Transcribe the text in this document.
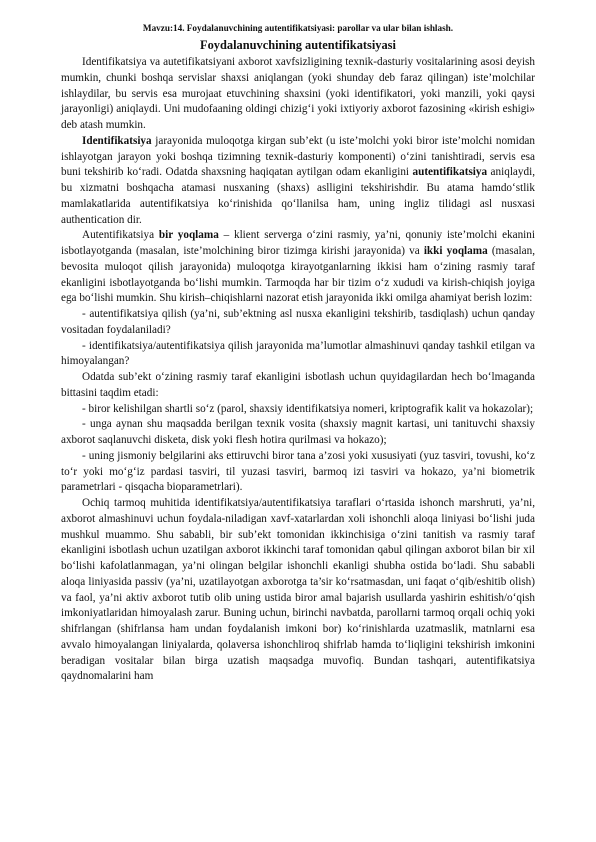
Mavzu:14. Foydalanuvchining autentifikatsiyasi: parollar va ular bilan ishlash.
Foydalanuvchining autentifikatsiyasi

Identifikatsiya va autetifikatsiyani axborot xavfsizligining texnik-dasturiy vositalarining asosi deyish mumkin, chunki boshqa servislar shaxsi aniqlangan (yoki shunday deb faraz qilingan) iste’molchilar ishlaydilar, bu servis esa murojaat etuvchining shaxsini (yoki identifikatori, yoki manzili, yoki qaysi jarayonligi) aniqlaydi. Uni mudofaaning oldingi chizig‘i yoki ixtiyoriy axborot fazosining «kirish eshigi» deb atash mumkin.

Identifikatsiya jarayonida muloqotga kirgan sub’ekt (u iste’molchi yoki biror iste’molchi nomidan ishlayotgan jarayon yoki boshqa tizimning texnik-dasturiy komponenti) o‘zini tanishtiradi, servis esa buni tekshirib ko‘radi. Odatda shaxsning haqiqatan aytilgan odam ekanligini autentifikatsiya aniqlaydi, bu xizmatni boshqacha atamasi nusxaning (shaxs) aslligini tekshirishdir. Bu atama hamdo‘stlik mamlakatlarida autentifikatsiya ko‘rinishida qo‘llanilsa ham, uning ingliz tilidagi asl nusxasi authentication dir.

Autentifikatsiya bir yoqlama – klient serverga o‘zini rasmiy, ya’ni, qonuniy iste’molchi ekanini isbotlayotganda (masalan, iste’molchining biror tizimga kirishi jarayonida) va ikki yoqlama (masalan, bevosita muloqot qilish jarayonida) muloqotga kirayotganlarning ikkisi ham o‘zining rasmiy taraf ekanligini isbotlayotganda bo‘lishi mumkin. Tarmoqda har bir tizim o‘z xududi va kirish-chiqish joyiga ega bo‘lishi mumkin. Shu kirish–chiqishlarni nazorat etish jarayonida ikki omilga ahamiyat berish lozim:

- autentifikatsiya qilish (ya’ni, sub’ektning asl nusxa ekanligini tekshirib, tasdiqlash) uchun qanday vositadan foydalaniladi?

- identifikatsiya/autentifikatsiya qilish jarayonida ma’lumotlar almashinuvi qanday tashkil etilgan va himoyalangan?

Odatda sub’ekt o‘zining rasmiy taraf ekanligini isbotlash uchun quyidagilardan hech bo‘lmaganda bittasini taqdim etadi:

- biror kelishilgan shartli so‘z (parol, shaxsiy identifikatsiya nomeri, kriptografik kalit va hokazolar);

- unga aynan shu maqsadda berilgan texnik vosita (shaxsiy magnit kartasi, uni tanituvchi shaxsiy axborot saqlanuvchi disketa, disk yoki flesh hotira qurilmasi va hokazo);

- uning jismoniy belgilarini aks ettiruvchi biror tana a’zosi yoki xususiyati (yuz tasviri, tovushi, ko‘z to‘r yoki mo‘g‘iz pardasi tasviri, til yuzasi tasviri, barmoq izi tasviri va hokazo, ya’ni biometrik parametrlari - qisqacha bioparametrlari).

Ochiq tarmoq muhitida identifikatsiya/autentifikatsiya taraflari o‘rtasida ishonch marshruti, ya’ni, axborot almashinuvi uchun foydala-niladigan xavf-xatarlardan xoli ishonchli aloqa liniyasi bo‘lishi juda mushkul muammo. Shu sababli, bir sub’ekt tomonidan ikkinchisiga o‘zini tanitish va rasmiy taraf ekanligini isbotlash uchun uzatilgan axborot ikkinchi taraf tomonidan qabul qilingan axborot bilan bir xil bo‘lishi kafolatlanmagan, ya’ni olingan belgilar ishonchli ekanligi shubha ostida bo‘ladi. Shu sababli aloqa liniyasida passiv (ya’ni, uzatilayotgan axborotga ta’sir ko‘rsatmasdan, uni faqat o‘qib/eshitib olish) va faol, ya’ni aktiv axborot tutib olib uning ustida biror amal bajarish usullarda yashirin eshitish/o‘qish imkoniyatlaridan himoyalash zarur. Buning uchun, birinchi navbatda, parollarni tarmoq orqali ochiq yoki shifrlangan (shifrlansa ham undan foydalanish imkoni bor) ko‘rinishlarda uzatmaslik, matnlarni esa avvalo himoyalangan liniyalarda, qolaversa ishonchliroq shifrlab hamda to‘liqligini tekshirish imkonini beradigan vositalar bilan birga uzatish maqsadga muvofiq. Bundan tashqari, autentifikatsiya qaydnomalarini ham
